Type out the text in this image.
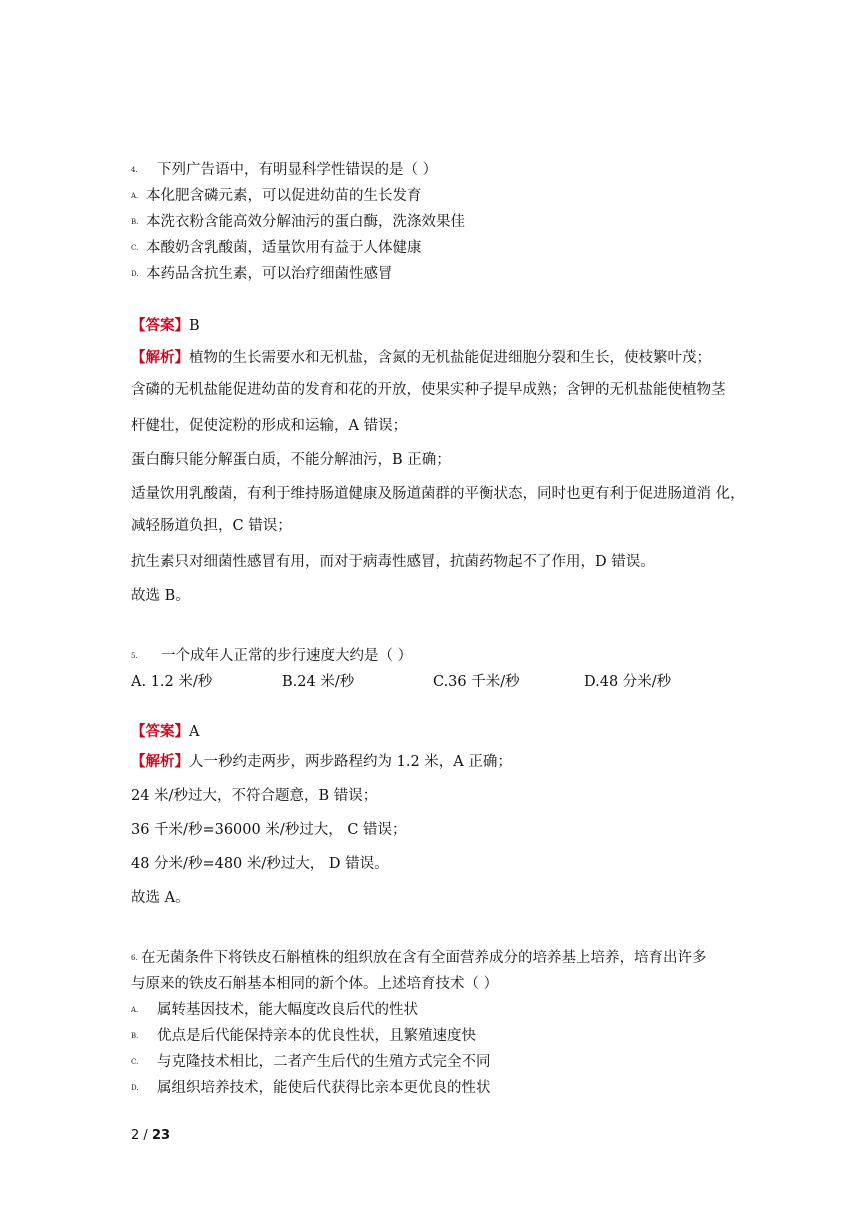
4. 下列广告语中，有明显科学性错误的是（ ）
A. 本化肥含磷元素，可以促进幼苗的生长发育
B. 本洗衣粉含能高效分解油污的蛋白酶，洗涤效果佳
C. 本酸奶含乳酸菌，适量饮用有益于人体健康
D. 本药品含抗生素，可以治疗细菌性感冒
【答案】B
【解析】植物的生长需要水和无机盐，含氮的无机盐能促进细胞分裂和生长，使枝繁叶茂；
含磷的无机盐能促进幼苗的发育和花的开放，使果实种子提早成熟；含钾的无机盐能使植物茎
杆健壮，促使淀粉的形成和运输，A 错误；
蛋白酶只能分解蛋白质，不能分解油污，B 正确；
适量饮用乳酸菌，有利于维持肠道健康及肠道菌群的平衡状态，同时也更有利于促进肠道消 化，
减轻肠道负担，C 错误；
抗生素只对细菌性感冒有用，而对于病毒性感冒，抗菌药物起不了作用，D 错误。
故选 B。
5. 一个成年人正常的步行速度大约是（ ）
A. 1.2 米/秒	B.24 米/秒	C.36 千米/秒	D.48 分米/秒
【答案】A
【解析】人一秒约走两步，两步路程约为 1.2 米，A 正确；
24 米/秒过大，不符合题意，B 错误；
36 千米/秒=36000 米/秒过大， C 错误；
48 分米/秒=480 米/秒过大， D 错误。
故选 A。
6. 在无菌条件下将铁皮石斛植株的组织放在含有全面营养成分的培养基上培养，培育出许多
与原来的铁皮石斛基本相同的新个体。上述培育技术（ ）
A. 属转基因技术，能大幅度改良后代的性状
B. 优点是后代能保持亲本的优良性状，且繁殖速度快
C. 与克隆技术相比，二者产生后代的生殖方式完全不同
D. 属组织培养技术，能使后代获得比亲本更优良的性状
2 / 23
